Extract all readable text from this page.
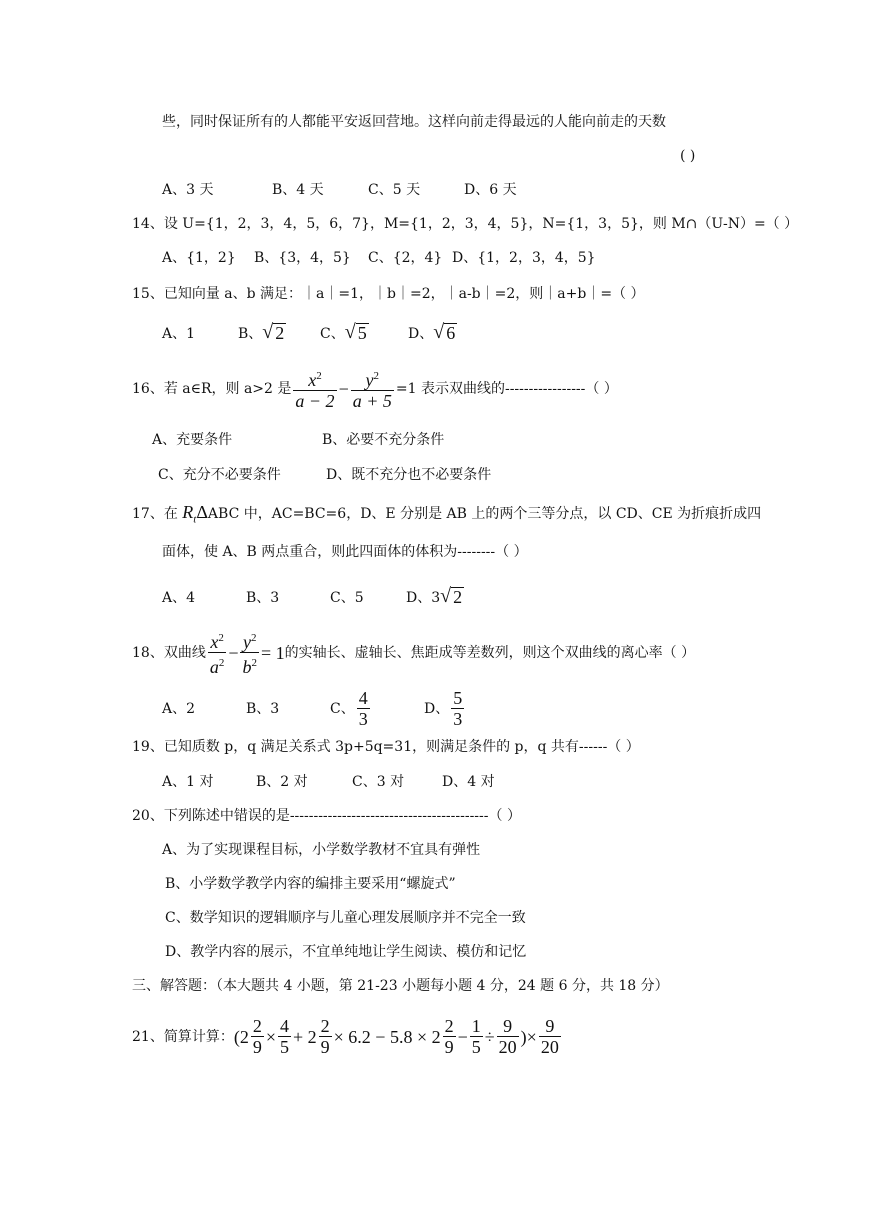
些，同时保证所有的人都能平安返回营地。这样向前走得最远的人能向前走的天数
( )
A、3 天	B、4 天	C、5 天	D、6 天
14、设 U={1，2，3，4，5，6，7}，M={1，2，3，4，5}，N={1，3，5}，则 M∩（U-N）=（ ）
A、{1，2} B、{3，4，5} C、{2，4} D、{1，2，3，4，5}
15、已知向量 a、b 满足：｜a｜=1，｜b｜=2，｜a-b｜=2，则｜a+b｜=（ ）
A、1	B、 √ 2	C、 √ 5	D、 √ 6
16、若 a∈R，则 a>2 是 $\frac{x^2}{a - 2} - \frac{y^2}{a + 5} =1$ 表示双曲线的-----------------（ ）
A、充要条件	B、必要不充分条件
C、充分不必要条件	D、既不充分也不必要条件
17、在 $R_t\Delta ABC$ 中，AC=BC=6，D、E 分别是 AB 上的两个三等分点，以 CD、CE 为折痕折成四
面体，使 A、B 两点重合，则此四面体的体积为--------（ ）
A、4	B、3	C、5	D、3 √ 2
18、双曲线 $\frac{x^2}{a^2} - \frac{y^2}{b^2} = 1$ 的实轴长、虚轴长、焦距成等差数列，则这个双曲线的离心率（ ）
A、2	B、3	C、 $\frac{4}{3}$	D、 $\frac{5}{3}$
19、已知质数 p，q 满足关系式 3p+5q=31，则满足条件的 p，q 共有------（ ）
A、1 对	B、2 对	C、3 对	D、4 对
20、下列陈述中错误的是------------------------------------------（ ）
A、为了实现课程目标，小学数学教材不宜具有弹性
B、小学数学教学内容的编排主要采用“螺旋式”
C、数学知识的逻辑顺序与儿童心理发展顺序并不完全一致
D、教学内容的展示，不宜单纯地让学生阅读、模仿和记忆
三、解答题：（本大题共 4 小题，第 21-23 小题每小题 4 分，24 题 6 分，共 18 分）
21、简算计算： ($2 \frac{2}{9} \times \frac{4}{5} + 2 \frac{2}{9} \times 6.2 - 5.8 \times 2 \frac{2}{9} - \frac{1}{5} \div \frac{9}{20}$ )× $\frac{9}{20}$
